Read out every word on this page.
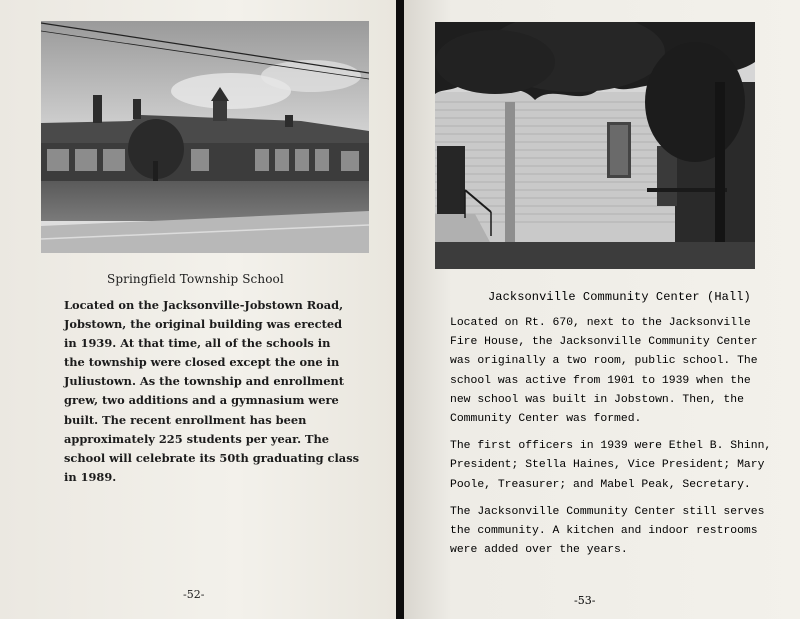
Springfield Township School
Located on the Jacksonville-Jobstown Road,
Jobstown, the original building was erected
in 1939. At that time, all of the schools in
the township were closed except the one in
Juliustown. As the township and enrollment
grew, two additions and a gymnasium were
built. The recent enrollment has been
approximately 225 students per year. The
school will celebrate its 50th graduating class
in 1989.
-52-
Jacksonville Community Center (Hall)
Located on Rt. 670, next to the Jacksonville
Fire House, the Jacksonville Community Center
was originally a two room, public school. The
school was active from 1901 to 1939 when the
new school was built in Jobstown. Then, the
Community Center was formed.
The first officers in 1939 were Ethel B. Shinn,
President; Stella Haines, Vice President; Mary
Poole, Treasurer; and Mabel Peak, Secretary.
The Jacksonville Community Center still serves
the community. A kitchen and indoor restrooms
were added over the years.
-53-
